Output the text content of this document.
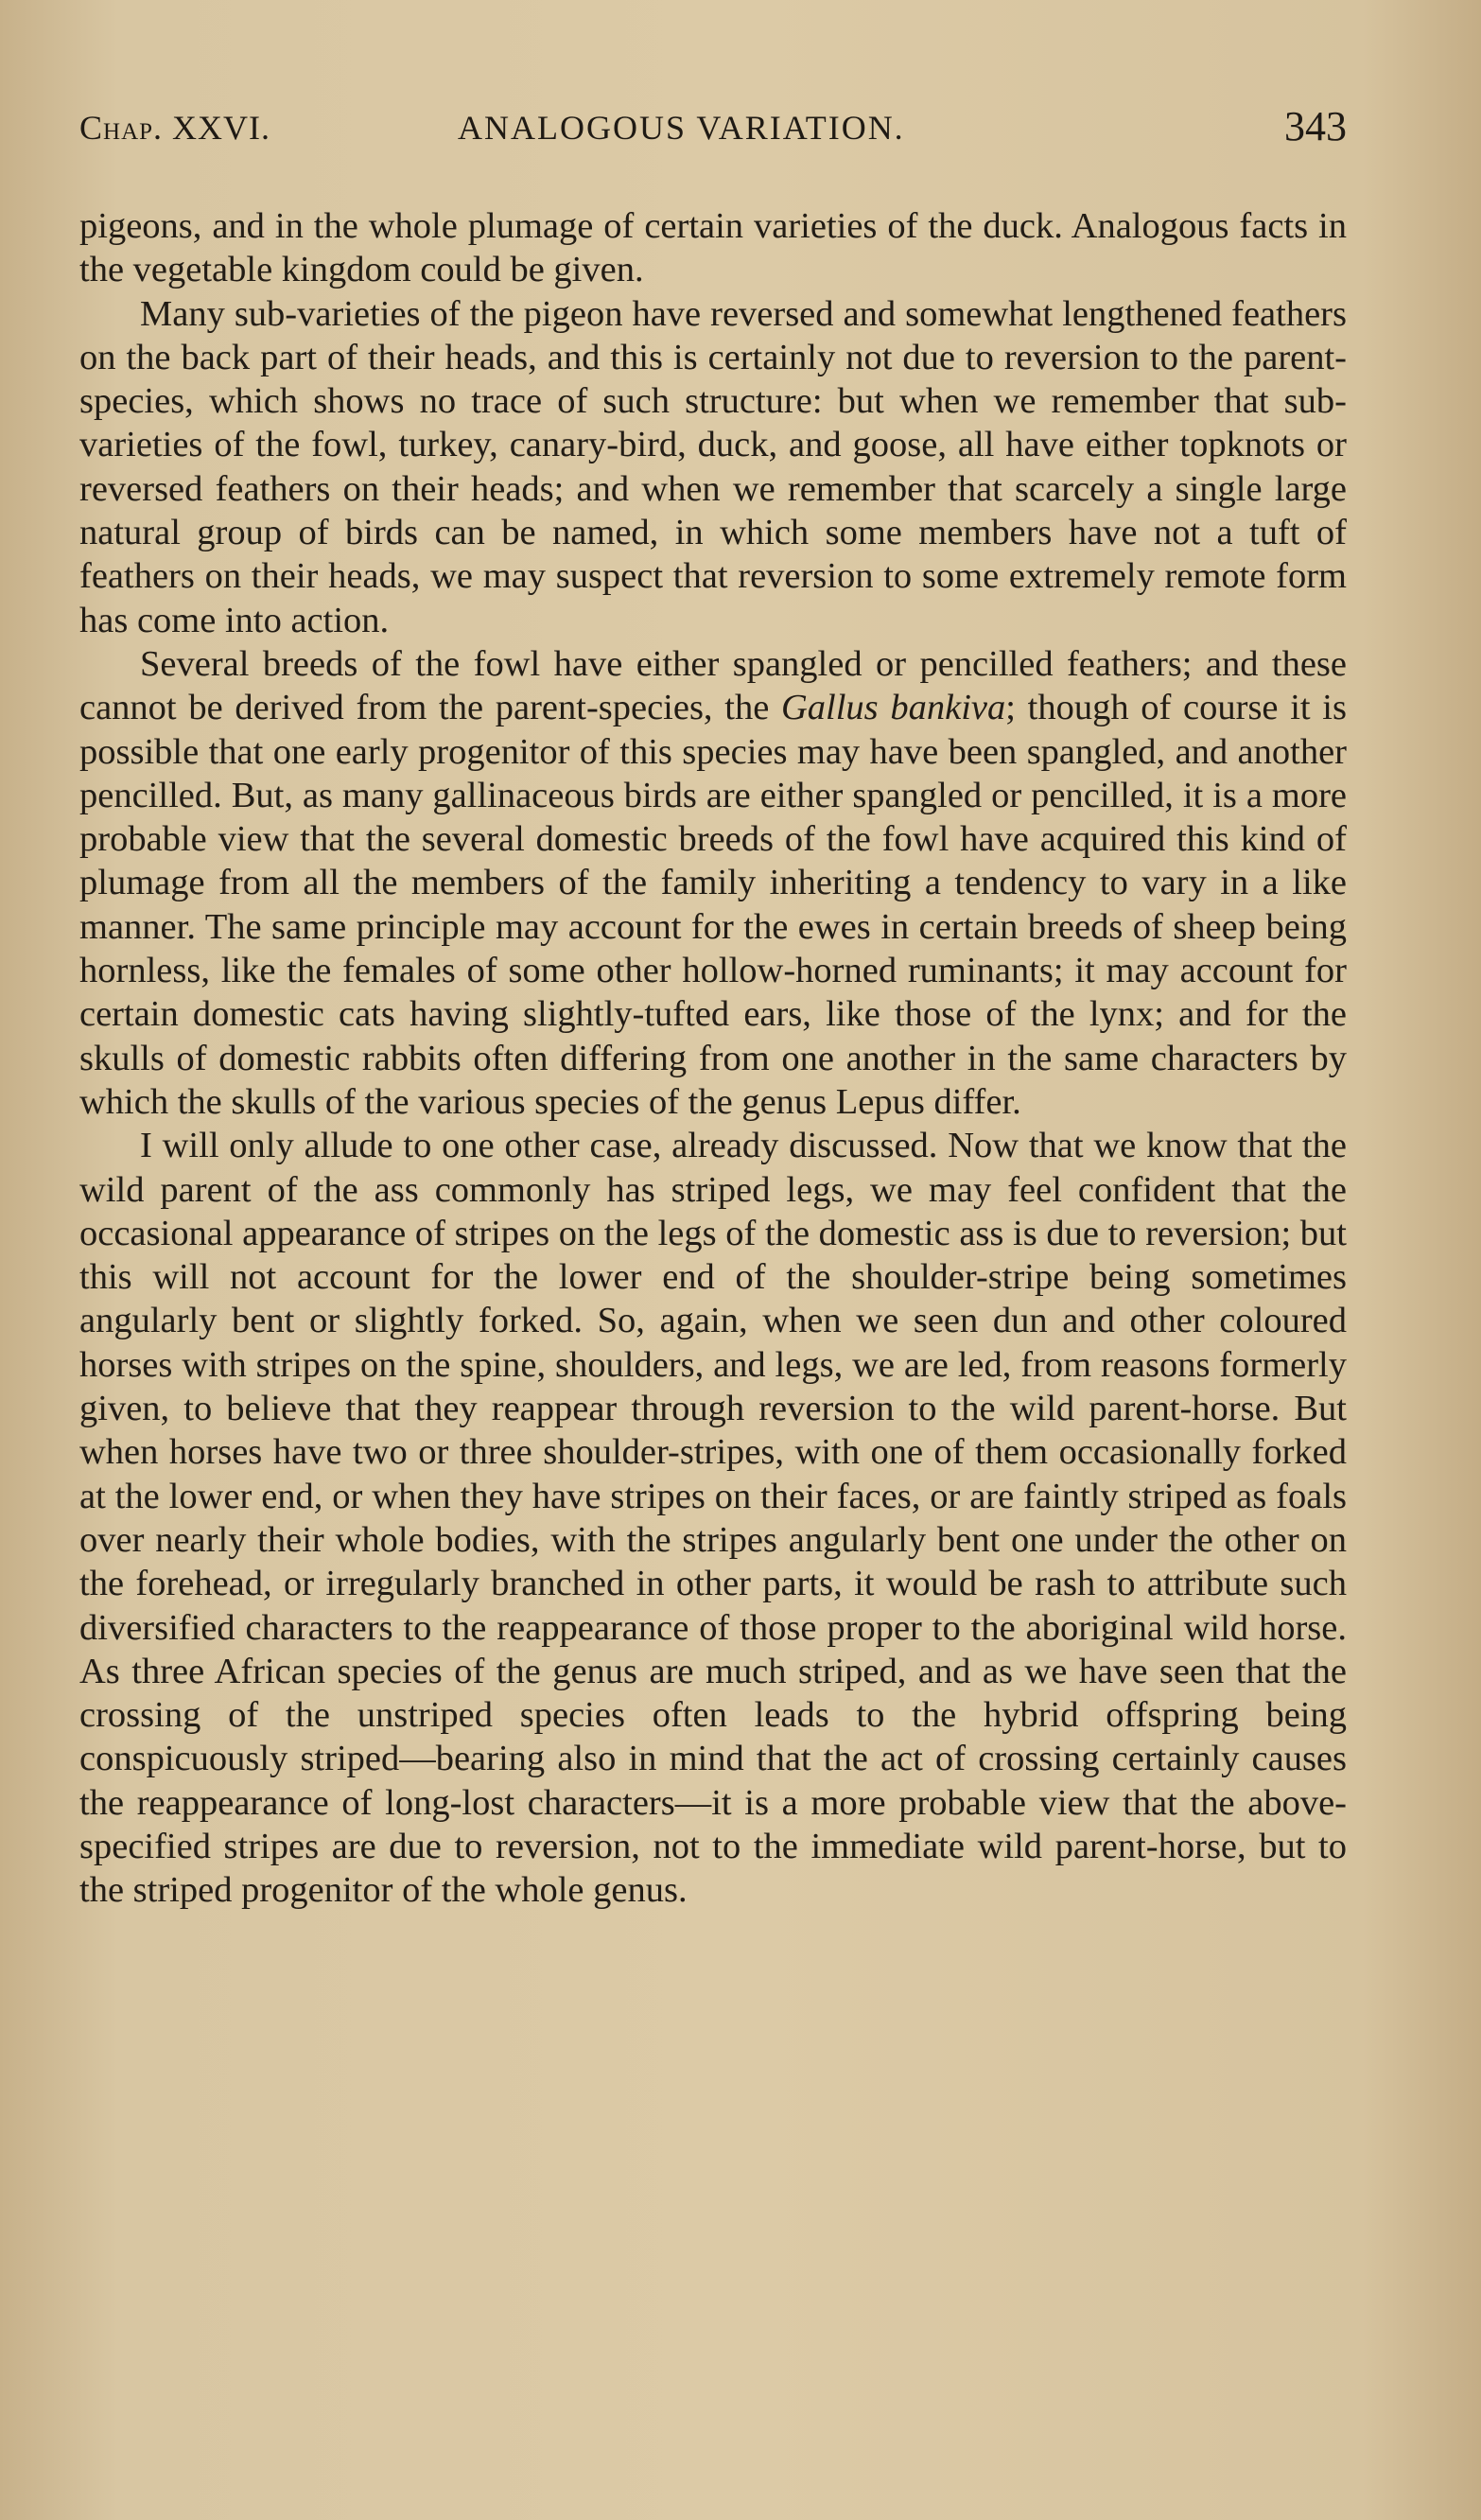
Chap. XXVI.	ANALOGOUS VARIATION.	343

pigeons, and in the whole plumage of certain varieties of the duck. Analogous facts in the vegetable kingdom could be given.

Many sub-varieties of the pigeon have reversed and somewhat lengthened feathers on the back part of their heads, and this is certainly not due to reversion to the parent-species, which shows no trace of such structure: but when we remember that sub-varieties of the fowl, turkey, canary-bird, duck, and goose, all have either topknots or reversed feathers on their heads; and when we remember that scarcely a single large natural group of birds can be named, in which some members have not a tuft of feathers on their heads, we may suspect that reversion to some extremely remote form has come into action.

Several breeds of the fowl have either spangled or pencilled feathers; and these cannot be derived from the parent-species, the Gallus bankiva; though of course it is possible that one early progenitor of this species may have been spangled, and another pencilled. But, as many gallinaceous birds are either spangled or pencilled, it is a more probable view that the several domestic breeds of the fowl have acquired this kind of plumage from all the members of the family inheriting a tendency to vary in a like manner. The same principle may account for the ewes in certain breeds of sheep being hornless, like the females of some other hollow-horned ruminants; it may account for certain domestic cats having slightly-tufted ears, like those of the lynx; and for the skulls of domestic rabbits often differing from one another in the same characters by which the skulls of the various species of the genus Lepus differ.

I will only allude to one other case, already discussed. Now that we know that the wild parent of the ass commonly has striped legs, we may feel confident that the occasional appearance of stripes on the legs of the domestic ass is due to reversion; but this will not account for the lower end of the shoulder-stripe being sometimes angularly bent or slightly forked. So, again, when we seen dun and other coloured horses with stripes on the spine, shoulders, and legs, we are led, from reasons formerly given, to believe that they reappear through reversion to the wild parent-horse. But when horses have two or three shoulder-stripes, with one of them occasionally forked at the lower end, or when they have stripes on their faces, or are faintly striped as foals over nearly their whole bodies, with the stripes angularly bent one under the other on the forehead, or irregularly branched in other parts, it would be rash to attribute such diversified characters to the reappearance of those proper to the aboriginal wild horse. As three African species of the genus are much striped, and as we have seen that the crossing of the unstriped species often leads to the hybrid offspring being conspicuously striped—bearing also in mind that the act of crossing certainly causes the reappearance of long-lost characters—it is a more probable view that the above-specified stripes are due to reversion, not to the immediate wild parent-horse, but to the striped progenitor of the whole genus.
